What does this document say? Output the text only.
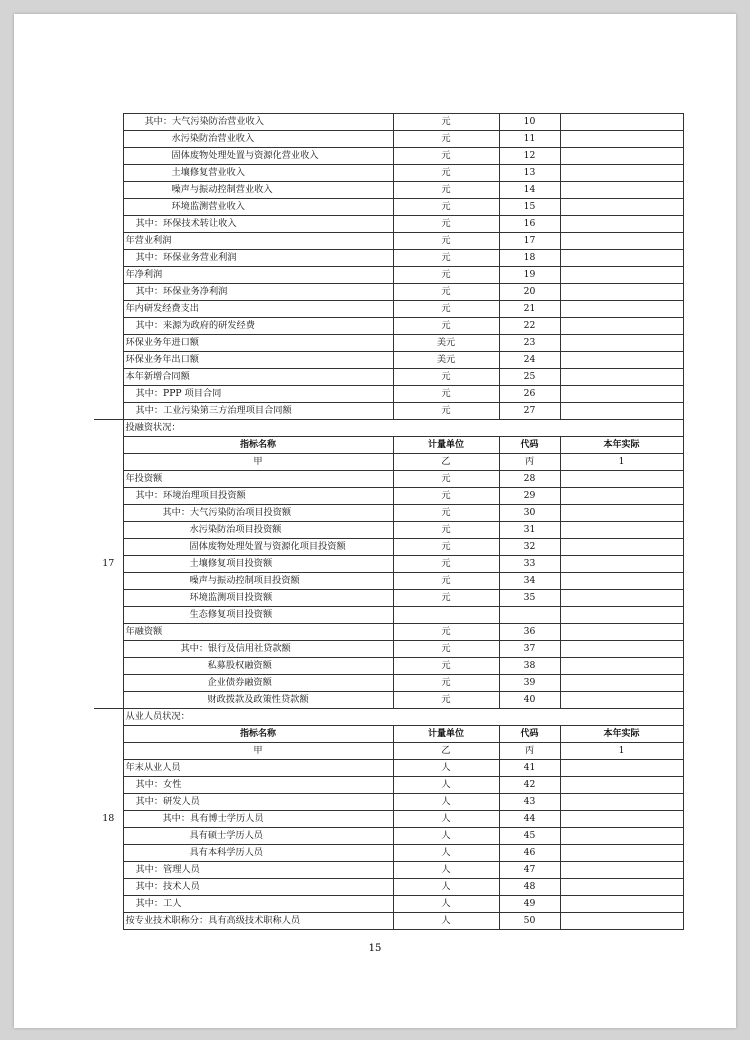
	其中：大气污染防治营业收入	元	10	
	水污染防治营业收入	元	11	
	固体废物处理处置与资源化营业收入	元	12	
	土壤修复营业收入	元	13	
	噪声与振动控制营业收入	元	14	
	环境监测营业收入	元	15	
	其中：环保技术转让收入	元	16	
	年营业利润	元	17	
	其中：环保业务营业利润	元	18	
	年净利润	元	19	
	其中：环保业务净利润	元	20	
	年内研发经费支出	元	21	
	其中：来源为政府的研发经费	元	22	
	环保业务年进口额	美元	23	
	环保业务年出口额	美元	24	
	本年新增合同额	元	25	
	其中：PPP 项目合同	元	26	
	其中：工业污染第三方治理项目合同额	元	27	
17	投融资状况：			
	指标名称	计量单位	代码	本年实际
	甲	乙	丙	1
	年投资额	元	28	
	其中：环境治理项目投资额	元	29	
	其中：大气污染防治项目投资额	元	30	
	水污染防治项目投资额	元	31	
	固体废物处理处置与资源化项目投资额	元	32	
	土壤修复项目投资额	元	33	
	噪声与振动控制项目投资额	元	34	
	环境监测项目投资额	元	35	
	生态修复项目投资额			
	年融资额	元	36	
	其中：银行及信用社贷款额	元	37	
	私募股权融资额	元	38	
	企业债券融资额	元	39	
	财政拨款及政策性贷款额	元	40	
18	从业人员状况：			
	指标名称	计量单位	代码	本年实际
	甲	乙	丙	1
	年末从业人员	人	41	
	其中：女性	人	42	
	其中：研发人员	人	43	
	其中：具有博士学历人员	人	44	
	具有硕士学历人员	人	45	
	具有本科学历人员	人	46	
	其中：管理人员	人	47	
	其中：技术人员	人	48	
	其中：工人	人	49	
	按专业技术职称分：具有高级技术职称人员	人	50	
15
